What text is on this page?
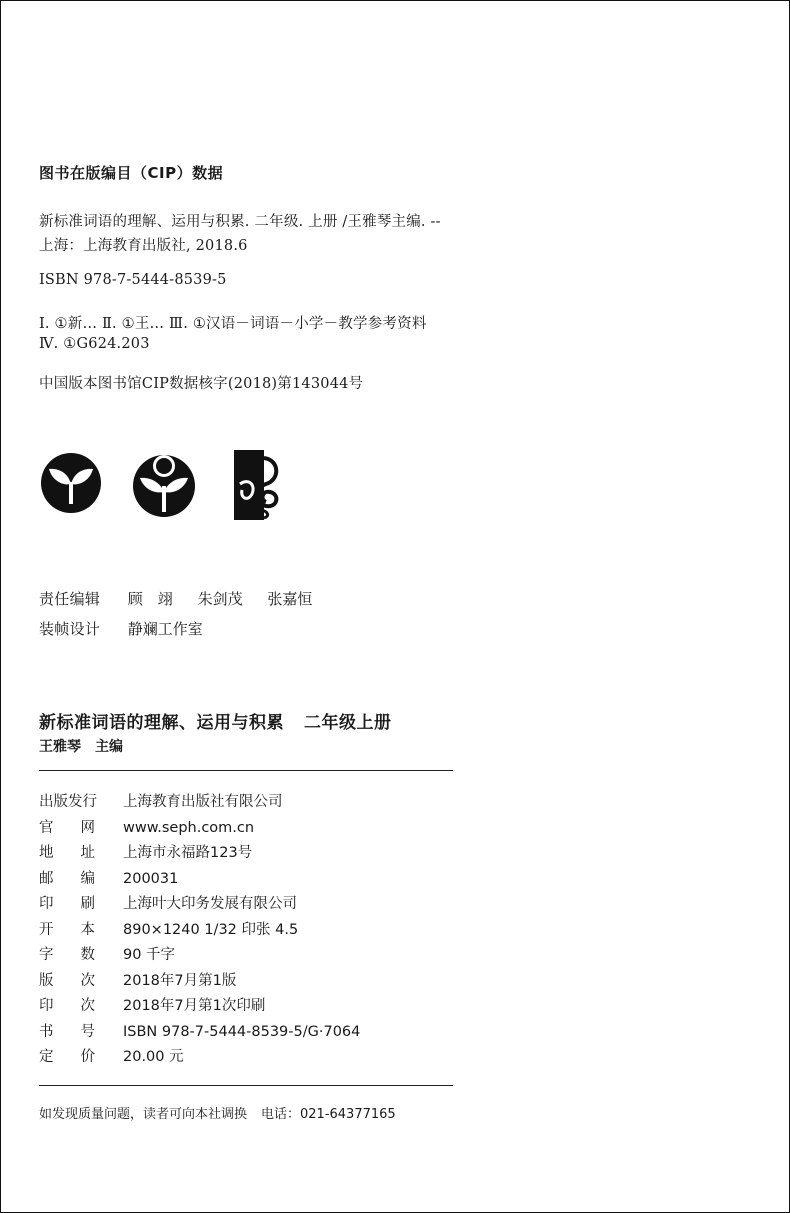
图书在版编目（CIP）数据
新标准词语的理解、运用与积累. 二年级. 上册 /王雅琴主编. --
上海：上海教育出版社, 2018.6
ISBN 978-7-5444-8539-5
Ⅰ. ①新… Ⅱ. ①王… Ⅲ. ①汉语－词语－小学－教学参考资料
Ⅳ. ①G624.203
中国版本图书馆CIP数据核字(2018)第143044号
责任编辑 顾　翊 朱剑茂 张嘉恒
装帧设计 静斓工作室
新标准词语的理解、运用与积累 二年级上册
王雅琴 主编
出版发行 上海教育出版社有限公司
官网www.seph.com.cn
地址上海市永福路123号
邮编200031
印刷上海叶大印务发展有限公司
开本890×1240 1/32 印张 4.5
字数90 千字
版次2018年7月第1版
印次2018年7月第1次印刷
书号ISBN 978-7-5444-8539-5/G·7064
定价20.00 元
如发现质量问题，读者可向本社调换 电话：021-64377165
